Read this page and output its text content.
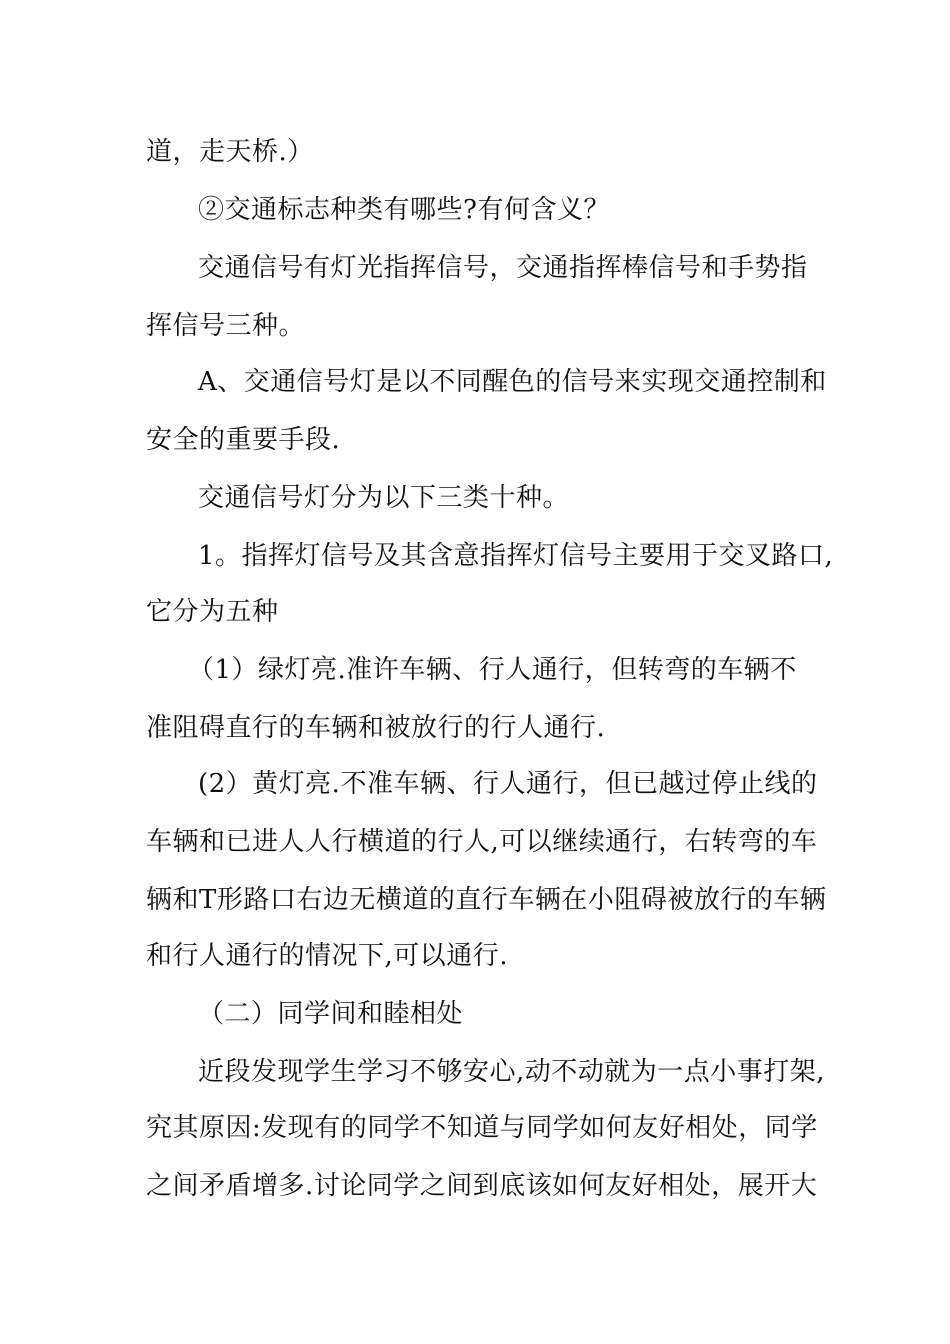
道，走天桥.）
②交通标志种类有哪些?有何含义？
交通信号有灯光指挥信号，交通指挥棒信号和手势指
挥信号三种。
A、交通信号灯是以不同醒色的信号来实现交通控制和
安全的重要手段.
交通信号灯分为以下三类十种。
1。指挥灯信号及其含意指挥灯信号主要用于交叉路口,
它分为五种
（1）绿灯亮.准许车辆、行人通行，但转弯的车辆不
准阻碍直行的车辆和被放行的行人通行.
(2）黄灯亮.不准车辆、行人通行，但已越过停止线的
车辆和已进人人行横道的行人,可以继续通行，右转弯的车
辆和T形路口右边无横道的直行车辆在小阻碍被放行的车辆
和行人通行的情况下,可以通行.
（二）同学间和睦相处
近段发现学生学习不够安心,动不动就为一点小事打架,
究其原因:发现有的同学不知道与同学如何友好相处，同学
之间矛盾增多.讨论同学之间到底该如何友好相处，展开大
